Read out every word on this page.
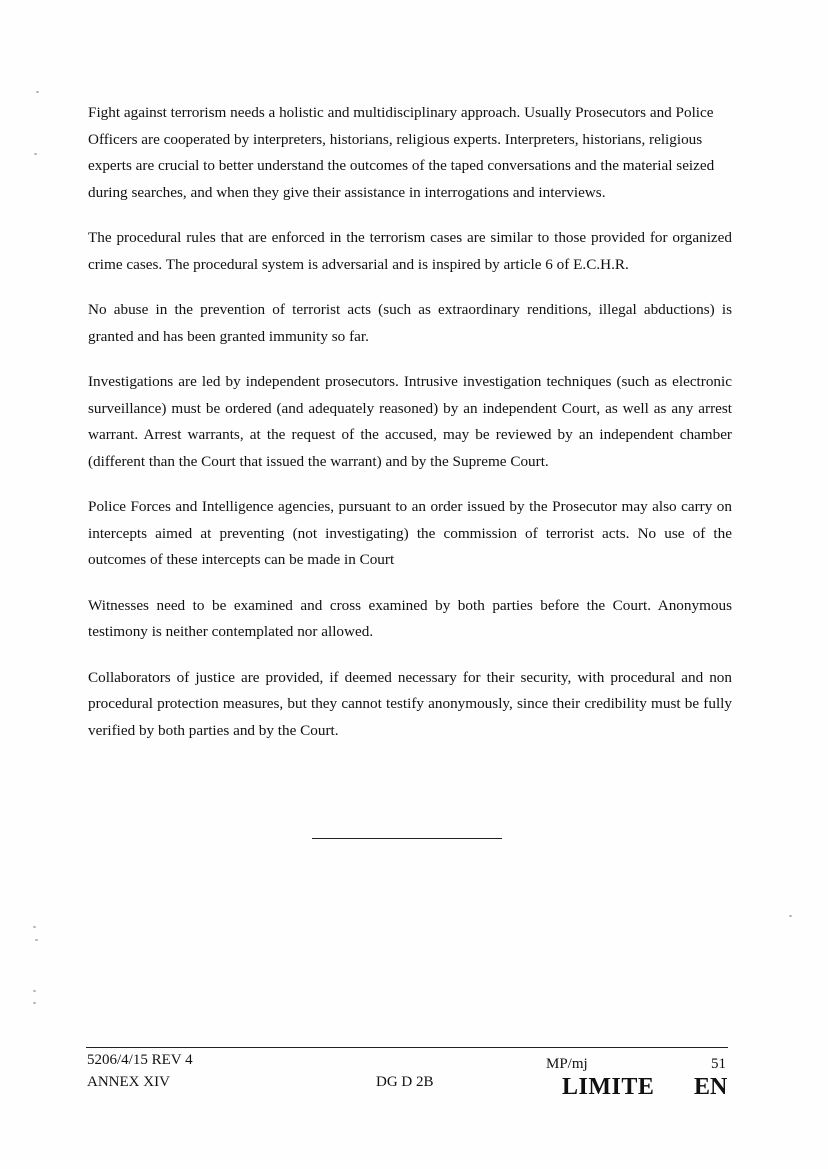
Fight against terrorism needs a holistic and multidisciplinary approach. Usually Prosecutors and Police Officers are cooperated by interpreters, historians, religious experts. Interpreters, historians, religious experts are crucial to better understand the outcomes of the taped conversations and the material seized during searches, and when they give their assistance in interrogations and interviews.

The procedural rules that are enforced in the terrorism cases are similar to those provided for organized crime cases. The procedural system is adversarial and is inspired by article 6 of E.C.H.R.

No abuse in the prevention of terrorist acts (such as extraordinary renditions, illegal abductions) is granted and has been granted immunity so far.

Investigations are led by independent prosecutors. Intrusive investigation techniques (such as electronic surveillance) must be ordered (and adequately reasoned) by an independent Court, as well as any arrest warrant. Arrest warrants, at the request of the accused, may be reviewed by an independent chamber (different than the Court that issued the warrant) and by the Supreme Court.

Police Forces and Intelligence agencies, pursuant to an order issued by the Prosecutor may also carry on intercepts aimed at preventing (not investigating) the commission of terrorist acts. No use of the outcomes of these intercepts can be made in Court

Witnesses need to be examined and cross examined by both parties before the Court. Anonymous testimony is neither contemplated nor allowed.

Collaborators of justice are provided, if deemed necessary for their security, with procedural and non procedural protection measures, but they cannot testify anonymously, since their credibility must be fully verified by both parties and by the Court.

5206/4/15 REV 4
ANNEX XIV	DG D 2B
MP/mj	51
LIMITE EN
